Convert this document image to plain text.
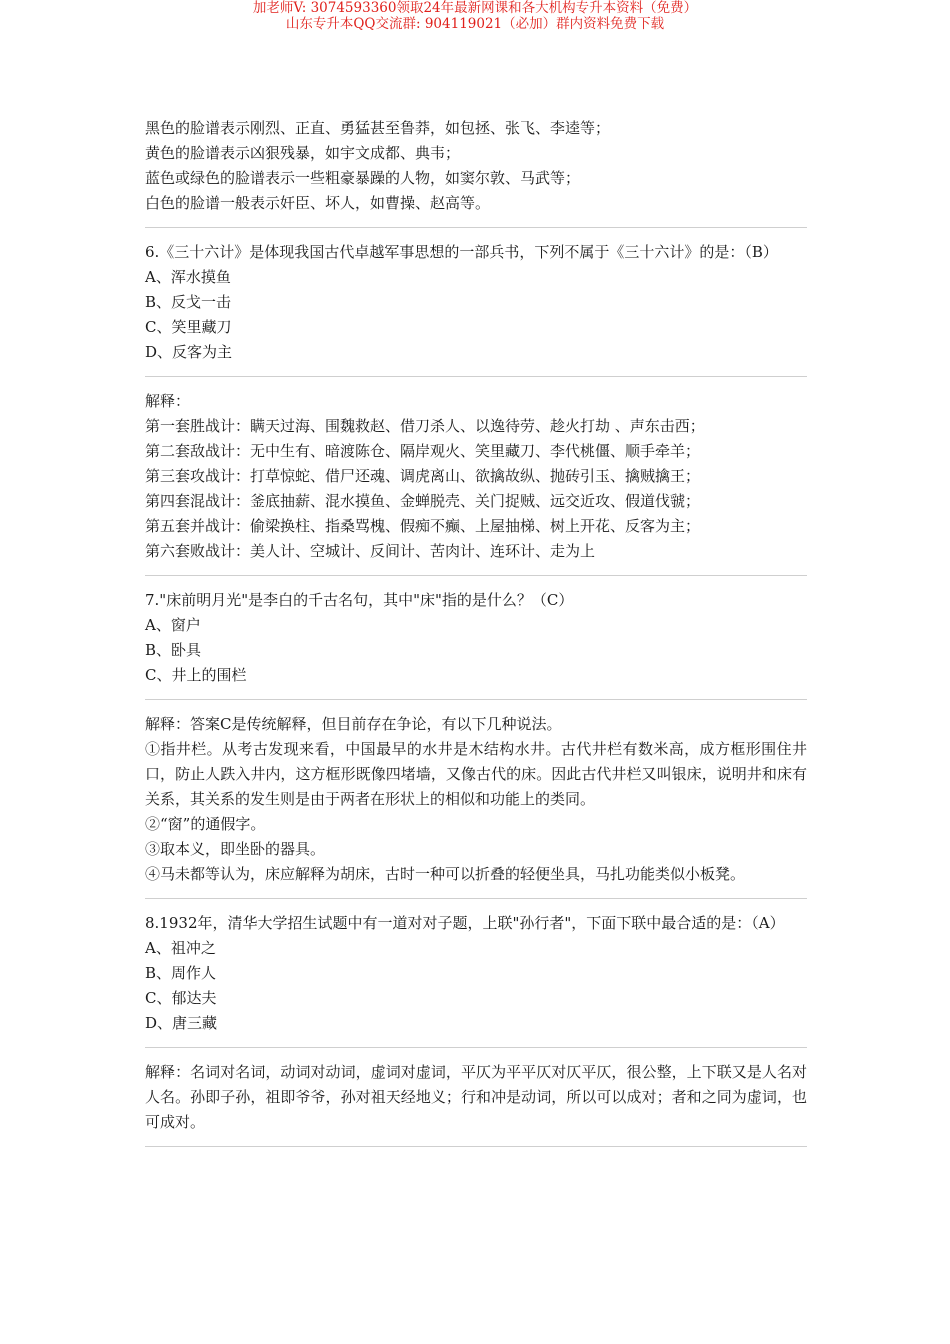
加老师V: 3074593360领取24年最新网课和各大机构专升本资料（免费）
山东专升本QQ交流群: 904119021（必加）群内资料免费下载
黑色的脸谱表示刚烈、正直、勇猛甚至鲁莽，如包拯、张飞、李逵等；
黄色的脸谱表示凶狠残暴，如宇文成都、典韦；
蓝色或绿色的脸谱表示一些粗豪暴躁的人物，如窦尔敦、马武等；
白色的脸谱一般表示奸臣、坏人，如曹操、赵高等。
6.《三十六计》是体现我国古代卓越军事思想的一部兵书，下列不属于《三十六计》的是：（B）
A、浑水摸鱼
B、反戈一击
C、笑里藏刀
D、反客为主
解释：
第一套胜战计：瞒天过海、围魏救赵、借刀杀人、以逸待劳、趁火打劫 、声东击西；
第二套敌战计：无中生有、暗渡陈仓、隔岸观火、笑里藏刀、李代桃僵、顺手牵羊；
第三套攻战计：打草惊蛇、借尸还魂、调虎离山、欲擒故纵、抛砖引玉、擒贼擒王；
第四套混战计：釜底抽薪、混水摸鱼、金蝉脱壳、关门捉贼、远交近攻、假道伐虢；
第五套并战计：偷梁换柱、指桑骂槐、假痴不癫、上屋抽梯、树上开花、反客为主；
第六套败战计：美人计、空城计、反间计、苦肉计、连环计、走为上
7."床前明月光"是李白的千古名句，其中"床"指的是什么？（C）
A、窗户
B、卧具
C、井上的围栏
解释：答案C是传统解释，但目前存在争论，有以下几种说法。
①指井栏。从考古发现来看，中国最早的水井是木结构水井。古代井栏有数米高，成方框形围住井口，防止人跌入井内，这方框形既像四堵墙，又像古代的床。因此古代井栏又叫银床，说明井和床有关系，其关系的发生则是由于两者在形状上的相似和功能上的类同。
②“窗”的通假字。
③取本义，即坐卧的器具。
④马未都等认为，床应解释为胡床，古时一种可以折叠的轻便坐具，马扎功能类似小板凳。
8.1932年，清华大学招生试题中有一道对对子题，上联"孙行者"，下面下联中最合适的是：（A）
A、祖冲之
B、周作人
C、郁达夫
D、唐三藏
解释：名词对名词，动词对动词，虚词对虚词，平仄为平平仄对仄平仄，很公整，上下联又是人名对人名。孙即子孙，祖即爷爷，孙对祖天经地义；行和冲是动词，所以可以成对；者和之同为虚词，也可成对。
